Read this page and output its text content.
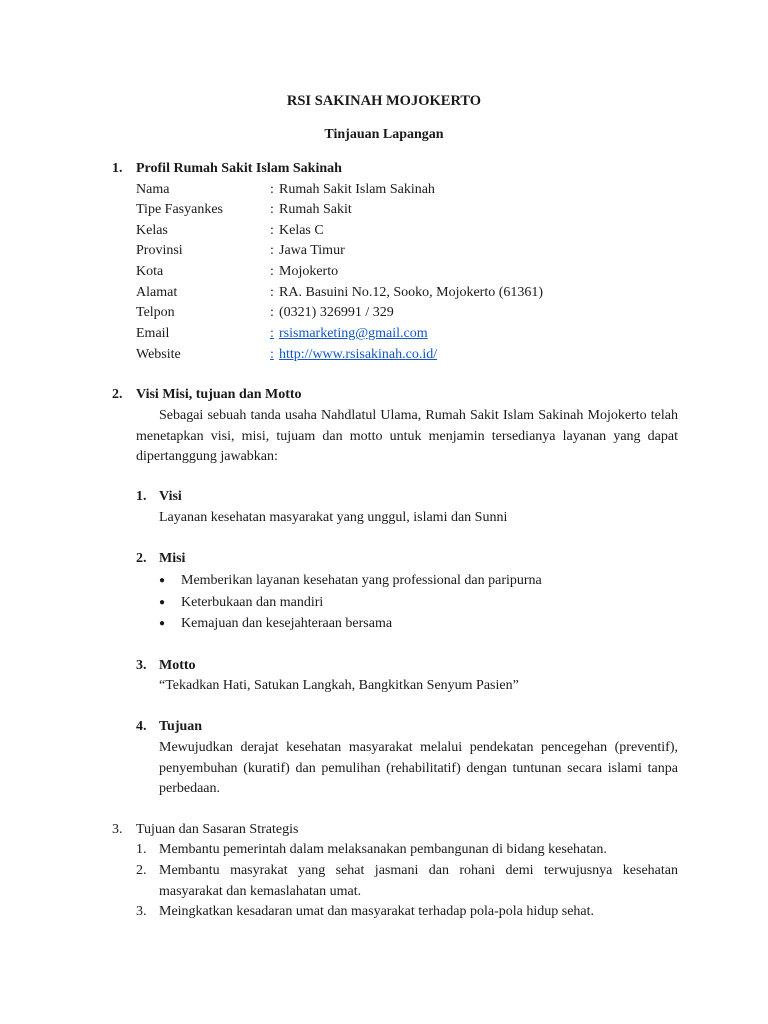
RSI SAKINAH MOJOKERTO
Tinjauan Lapangan
1. Profil Rumah Sakit Islam Sakinah
Nama	: Rumah Sakit Islam Sakinah
Tipe Fasyankes	: Rumah Sakit
Kelas	: Kelas C
Provinsi	: Jawa Timur
Kota	: Mojokerto
Alamat	: RA. Basuini No.12, Sooko, Mojokerto (61361)
Telpon	: (0321) 326991 / 329
Email	: rsismarketing@gmail.com
Website	: http://www.rsisakinah.co.id/
2. Visi Misi, tujuan dan Motto
Sebagai sebuah tanda usaha Nahdlatul Ulama, Rumah Sakit Islam Sakinah Mojokerto telah menetapkan visi, misi, tujuam dan motto untuk menjamin tersedianya layanan yang dapat dipertanggung jawabkan:
1. Visi
Layanan kesehatan masyarakat yang unggul, islami dan Sunni
2. Misi
● Memberikan layanan kesehatan yang professional dan paripurna
● Keterbukaan dan mandiri
● Kemajuan dan kesejahteraan bersama
3. Motto
“Tekadkan Hati, Satukan Langkah, Bangkitkan Senyum Pasien”
4. Tujuan
Mewujudkan derajat kesehatan masyarakat melalui pendekatan pencegehan (preventif), penyembuhan (kuratif) dan pemulihan (rehabilitatif) dengan tuntunan secara islami tanpa perbedaan.
3. Tujuan dan Sasaran Strategis
1. Membantu pemerintah dalam melaksanakan pembangunan di bidang kesehatan.
2. Membantu masyrakat yang sehat jasmani dan rohani demi terwujusnya kesehatan masyarakat dan kemaslahatan umat.
3. Meingkatkan kesadaran umat dan masyarakat terhadap pola-pola hidup sehat.
